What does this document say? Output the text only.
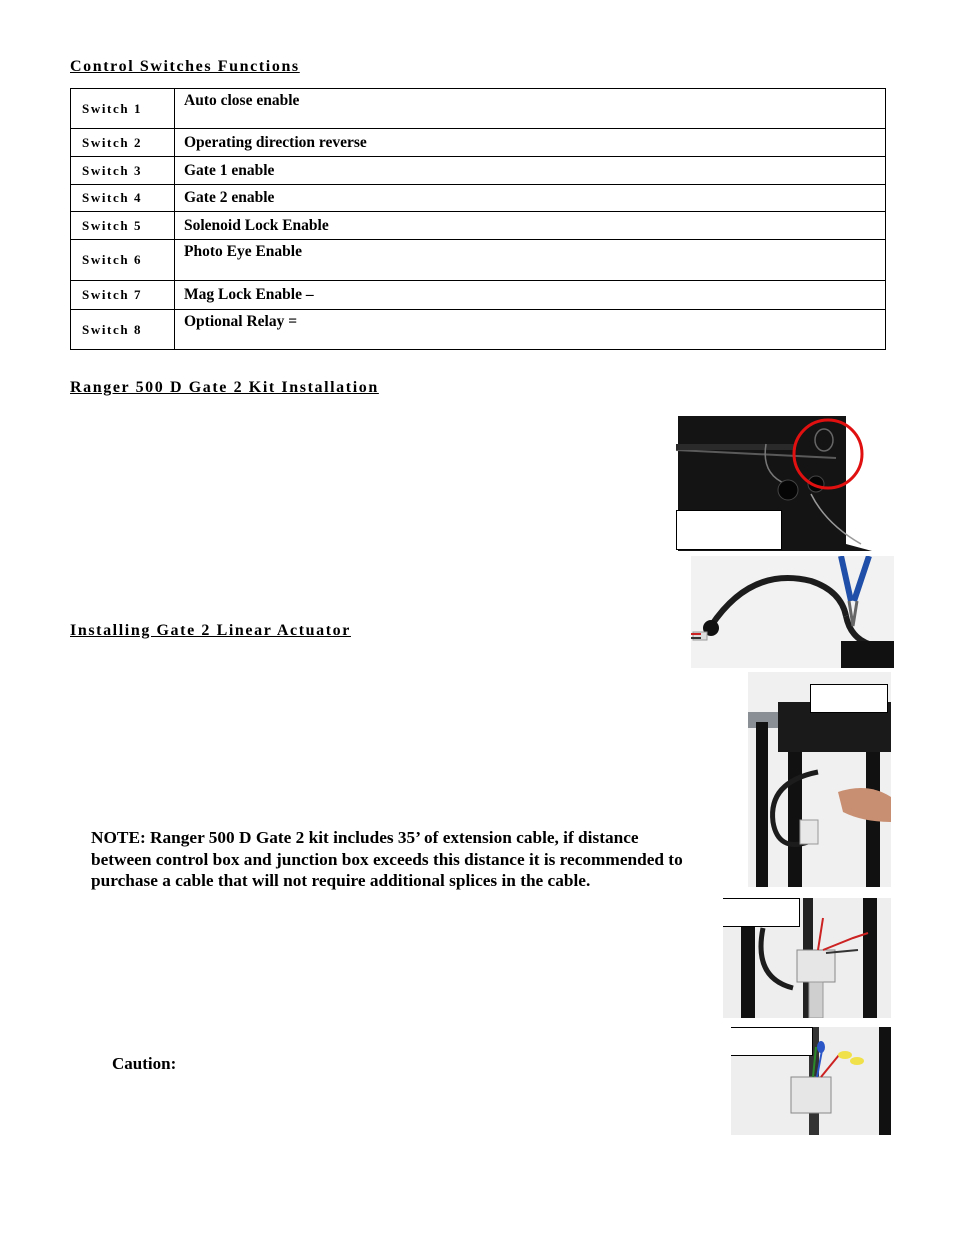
Control Switches Functions
Switch 1	Auto close enable
Switch 2	Operating direction reverse
Switch 3	Gate 1 enable
Switch 4	Gate 2 enable
Switch 5	Solenoid Lock Enable
Switch 6	Photo Eye Enable
Switch 7	Mag Lock Enable –
Switch 8	Optional Relay =
Ranger 500 D Gate 2 Kit Installation
Installing Gate 2 Linear Actuator
NOTE: Ranger 500 D Gate 2 kit includes 35’ of extension cable, if distance between control box and junction box exceeds this distance it is recommended to purchase a cable that will not require additional splices in the cable.
Caution:
